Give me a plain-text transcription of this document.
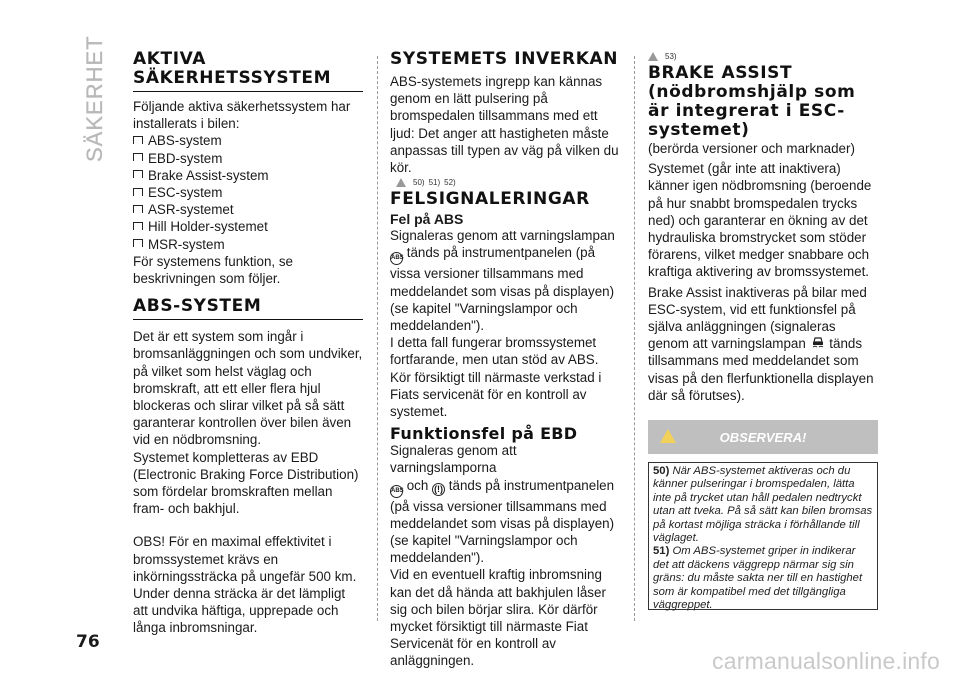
SÄKERHET AKTIVA
SÄKERHETSSYSTEM

Följande aktiva säkerhetssystem har installerats i bilen:

ABS-system
EBD-system
Brake Assist-system
ESC-system
ASR-systemet
Hill Holder-systemet
MSR-system

För systemens funktion, se beskrivningen som följer.

ABS-SYSTEM

Det är ett system som ingår i bromsanläggningen och som undviker, på vilket som helst väglag och bromskraft, att ett eller flera hjul blockeras och slirar vilket på så sätt garanterar kontrollen över bilen även vid en nödbromsning.

Systemet kompletteras av EBD (Electronic Braking Force Distribution) som fördelar bromskraften mellan fram- och bakhjul.

OBS! För en maximal effektivitet i bromssystemet krävs en inkörningssträcka på ungefär 500 km. Under denna sträcka är det lämpligt att undvika häftiga, upprepade och långa inbromsningar.

SYSTEMETS INVERKAN

ABS-systemets ingrepp kan kännas genom en lätt pulsering på bromspedalen tillsammans med ett ljud: Det anger att hastigheten måste anpassas till typen av väg på vilken du kör.

50) 51) 52)
FELSIGNALERINGAR
Fel på ABS

Signaleras genom att varningslampan
ABS tänds på instrumentpanelen (på vissa versioner tillsammans med meddelandet som visas på displayen) (se kapitel "Varningslampor och meddelanden").

I detta fall fungerar bromssystemet fortfarande, men utan stöd av ABS.

Kör försiktigt till närmaste verkstad i Fiats servicenät för en kontroll av systemet.

Funktionsfel på EBD

Signaleras genom att varningslamporna
ABS och (!) tänds på instrumentpanelen (på vissa versioner tillsammans med meddelandet som visas på displayen) (se kapitel "Varningslampor och meddelanden").

Vid en eventuell kraftig inbromsning kan det då hända att bakhjulen låser sig och bilen börjar slira. Kör därför mycket försiktigt till närmaste Fiat Servicenät för en kontroll av anläggningen.

53)
BRAKE ASSIST (nödbromshjälp som är integrerat i ESC-systemet)

(berörda versioner och marknader)

Systemet (går inte att inaktivera) känner igen nödbromsning (beroende på hur snabbt bromspedalen trycks ned) och garanterar en ökning av det hydrauliska bromstrycket som stöder förarens, vilket medger snabbare och kraftiga aktivering av bromssystemet.

Brake Assist inaktiveras på bilar med ESC-system, vid ett funktionsfel på själva anläggningen (signaleras genom att varningslampan tänds tillsammans med meddelandet som visas på den flerfunktionella displayen där så förutses).

OBSERVERA!

50) När ABS-systemet aktiveras och du känner pulseringar i bromspedalen, lätta inte på trycket utan håll pedalen nedtryckt utan att tveka. På så sätt kan bilen bromsas på kortast möjliga sträcka i förhållande till väglaget.

51) Om ABS-systemet griper in indikerar det att däckens väggrepp närmar sig sin gräns: du måste sakta ner till en hastighet som är kompatibel med det tillgängliga väggreppet.

76
carmanualsonline.info
